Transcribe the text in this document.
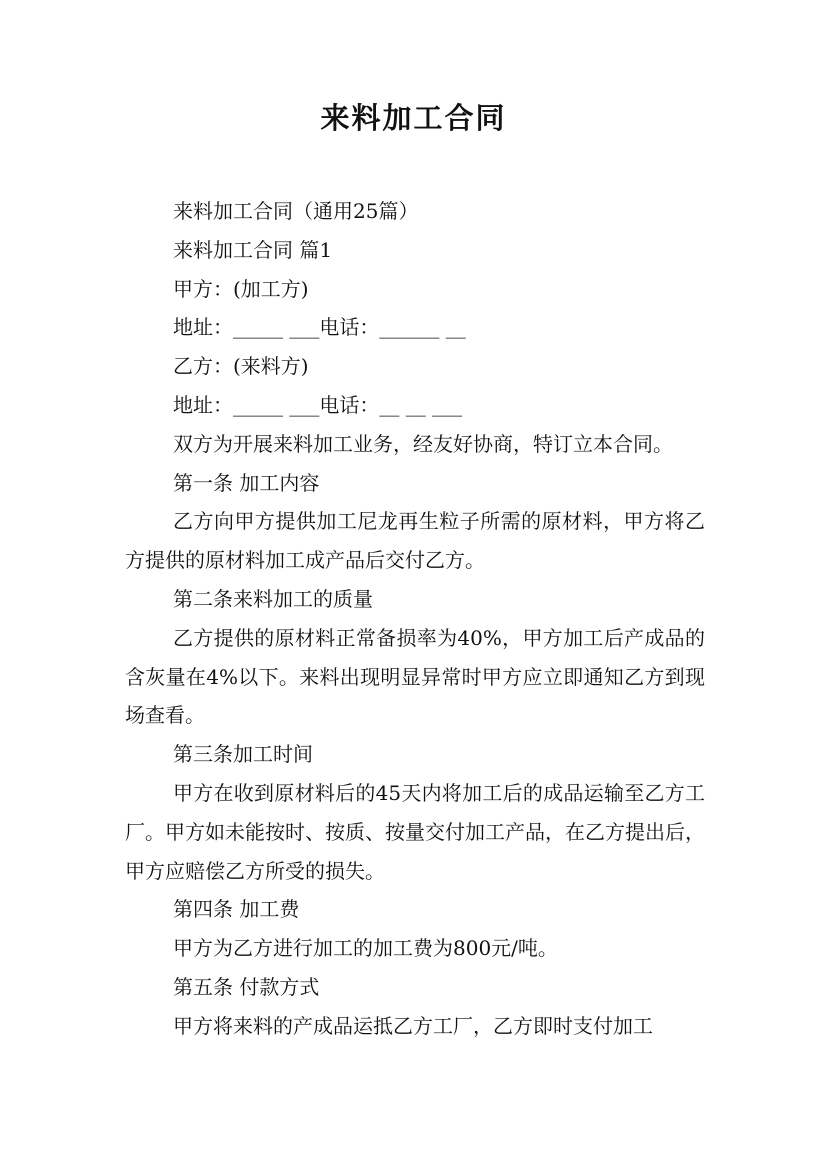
来料加工合同
来料加工合同（通用25篇）
来料加工合同 篇1
甲方：(加工方)
地址：_____ ___电话：______ __
乙方：(来料方)
地址：_____ ___电话：__ __ ___
双方为开展来料加工业务，经友好协商，特订立本合同。
第一条 加工内容
乙方向甲方提供加工尼龙再生粒子所需的原材料，甲方将乙方提供的原材料加工成产品后交付乙方。
第二条来料加工的质量
乙方提供的原材料正常备损率为40%，甲方加工后产成品的含灰量在4%以下。来料出现明显异常时甲方应立即通知乙方到现场查看。
第三条加工时间
甲方在收到原材料后的45天内将加工后的成品运输至乙方工厂。甲方如未能按时、按质、按量交付加工产品，在乙方提出后，甲方应赔偿乙方所受的损失。
第四条 加工费
甲方为乙方进行加工的加工费为800元/吨。
第五条 付款方式
甲方将来料的产成品运抵乙方工厂，乙方即时支付加工
